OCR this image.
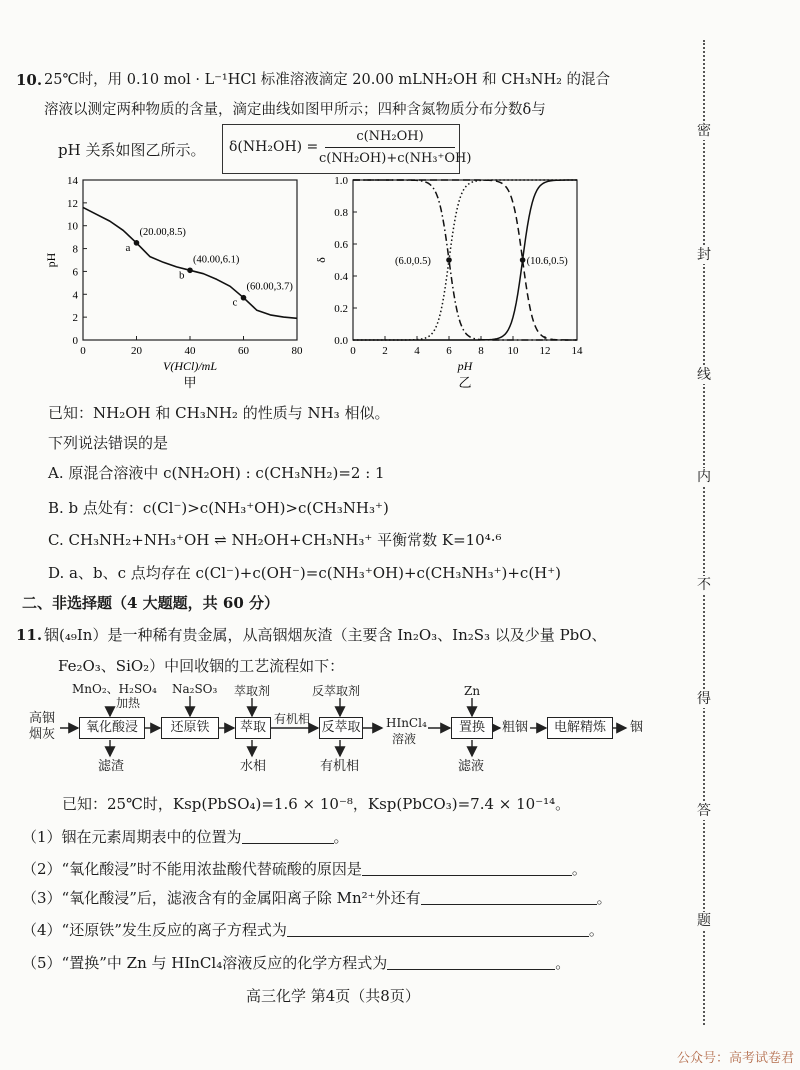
密
封
线
内
不
得
答
题
10. 25℃时，用 0.10 mol · L⁻¹HCl 标准溶液滴定 20.00 mLNH₂OH 和 CH₃NH₂ 的混合
溶液以测定两种物质的含量，滴定曲线如图甲所示；四种含氮物质分布分数δ与
pH 关系如图乙所示。 δ(NH₂OH) =
c(NH₂OH)
c(NH₂OH)+c(NH₃⁺OH)
0	20	40	60	80
0
2
4
6
8
10
12
14
V(HCl)/mL
甲
pH
a
(20.00,8.5)
b
(40.00,6.1)
c
(60.00,3.7)
0 2 4 6 8 10 12 14
0.0
0.2
0.4
0.6
0.8
1.0
pH
乙
δ	(6.0,0.5)	(10.6,0.5)
已知：NH₂OH 和 CH₃NH₂ 的性质与 NH₃ 相似。
下列说法错误的是
A. 原混合溶液中 c(NH₂OH) : c(CH₃NH₂)=2 : 1
B. b 点处有：c(Cl⁻)>c(NH₃⁺OH)>c(CH₃NH₃⁺)
C. CH₃NH₂+NH₃⁺OH ⇌ NH₂OH+CH₃NH₃⁺ 平衡常数 K=10⁴·⁶
D. a、b、c 点均存在 c(Cl⁻)+c(OH⁻)=c(NH₃⁺OH)+c(CH₃NH₃⁺)+c(H⁺)
二、非选择题（4 大题题，共 60 分）
11. 铟(₄₉In）是一种稀有贵金属，从高铟烟灰渣（主要含 In₂O₃、In₂S₃ 以及少量 PbO、
Fe₂O₃、SiO₂）中回收铟的工艺流程如下：
高铟
烟灰
MnO₂、H₂SO₄
加热
Na₂SO₃ 萃取剂	反萃取剂	Zn
氧化酸浸	还原铁	萃取	反萃取	置换	电解精炼
有机相	HInCl₄
溶液
粗铟	铟
滤渣	水相	有机相	滤液
已知：25℃时，Ksp(PbSO₄)=1.6 × 10⁻⁸，Ksp(PbCO₃)=7.4 × 10⁻¹⁴。
（1）铟在元素周期表中的位置为	。
（2）“氧化酸浸”时不能用浓盐酸代替硫酸的原因是	。
（3）“氧化酸浸”后，滤液含有的金属阳离子除 Mn²⁺外还有	。
（4）“还原铁”发生反应的离子方程式为	。
（5）“置换”中 Zn 与 HInCl₄溶液反应的化学方程式为	。
高三化学 第4页（共8页）
公众号：高考试卷君
